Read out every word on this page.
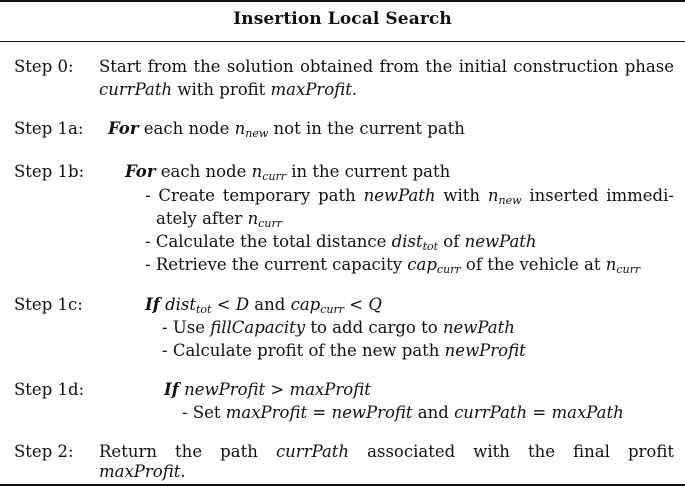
Insertion Local Search
Step 0: Start from the solution obtained from the initial construction phase
currPath with profit maxProfit.
Step 1a: For each node $n_{new}$ not in the current path
Step 1b: For each node $n_{curr}$ in the current path
- Create temporary path newPath with $n_{new}$ inserted immedi-
ately after $n_{curr}$
- Calculate the total distance dist$_{tot}$ of newPath
- Retrieve the current capacity cap$_{curr}$ of the vehicle at $n_{curr}$
Step 1c:	If dist$_{tot}$ < D and cap$_{curr}$ < Q
- Use fillCapacity to add cargo to newPath
- Calculate profit of the new path newProfit
Step 1d:	If newProfit > maxProfit
- Set maxProfit = newProfit and currPath = maxPath
Step 2: Return the path currPath associated with the final profit
maxProfit.
